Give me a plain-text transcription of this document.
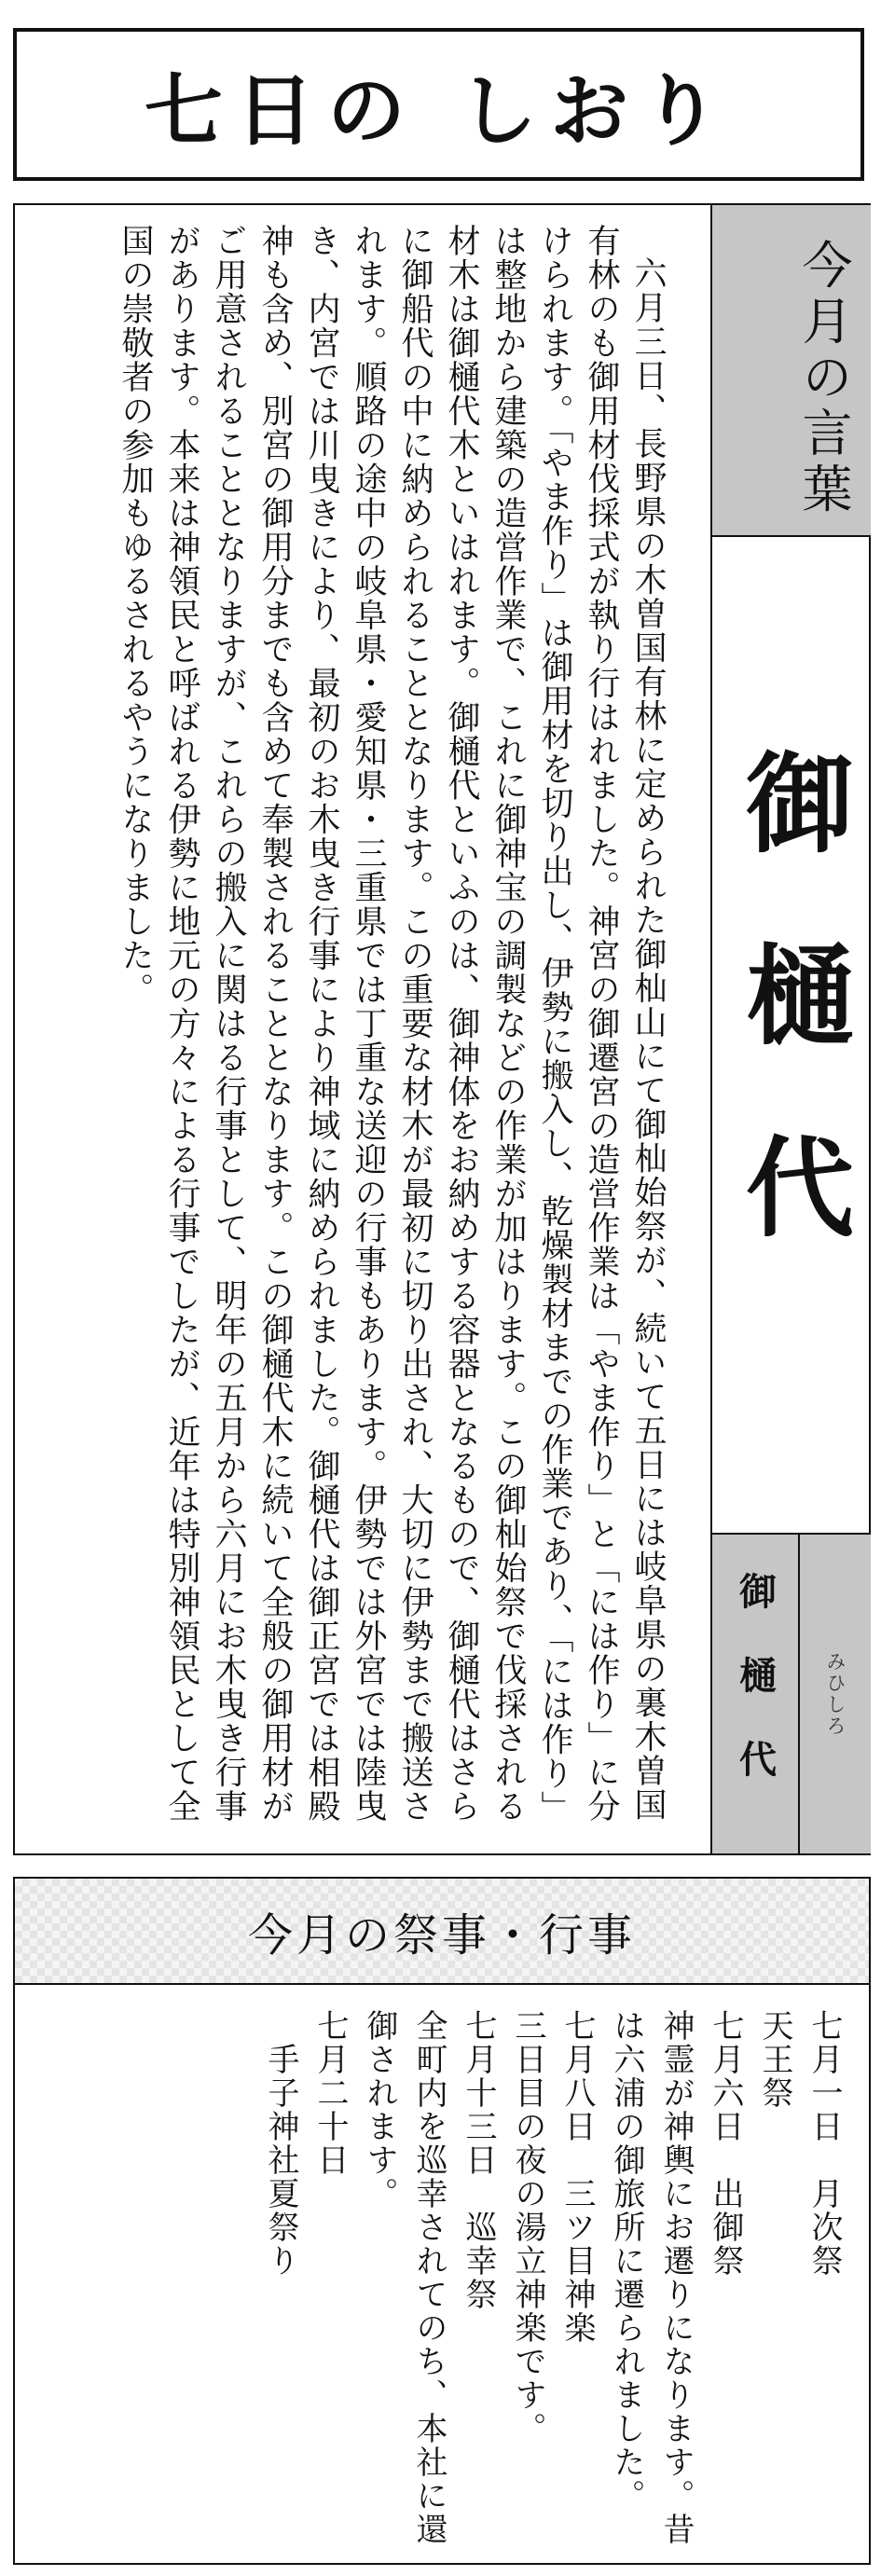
七日の しおり

六月三日、長野県の木曽国有林に定められた御杣山にて御杣始祭が、続いて五日には岐阜県の裏木曽国有林のも御用材伐採式が執り行はれました。神宮の御遷宮の造営作業は「やま作り」と「には作り」に分けられます。「やま作り」は御用材を切り出し、伊勢に搬入し、乾燥製材までの作業であり、「には作り」は整地から建築の造営作業で、これに御神宝の調製などの作業が加はります。この御杣始祭で伐採される材木は御樋代木といはれます。御樋代といふのは、御神体をお納めする容器となるもので、御樋代はさらに御船代の中に納められることとなります。この重要な材木が最初に切り出され、大切に伊勢まで搬送されます。順路の途中の岐阜県・愛知県・三重県では丁重な送迎の行事もあります。伊勢では外宮では陸曳き、内宮では川曳きにより、最初のお木曳き行事により神域に納められました。御樋代は御正宮では相殿神も含め、別宮の御用分までも含めて奉製されることとなります。この御樋代木に続いて全般の御用材がご用意されることとなりますが、これらの搬入に関はる行事として、明年の五月から六月にお木曳き行事があります。本来は神領民と呼ばれる伊勢に地元の方々による行事でしたが、近年は特別神領民として全国の崇敬者の参加もゆるされるやうになりました。	今月の言葉
御樋代
御樋代 みひしろ
今月の祭事・行事

七月一日　月次祭

天王祭
七月六日　出御祭
神霊が神輿にお遷りになります。昔は六浦の御旅所に遷られました。

七月八日　三ツ目神楽
三日目の夜の湯立神楽です。

七月十三日　巡幸祭
全町内を巡幸されてのち、本社に還御されます。

七月二十日
　手子神社夏祭り
